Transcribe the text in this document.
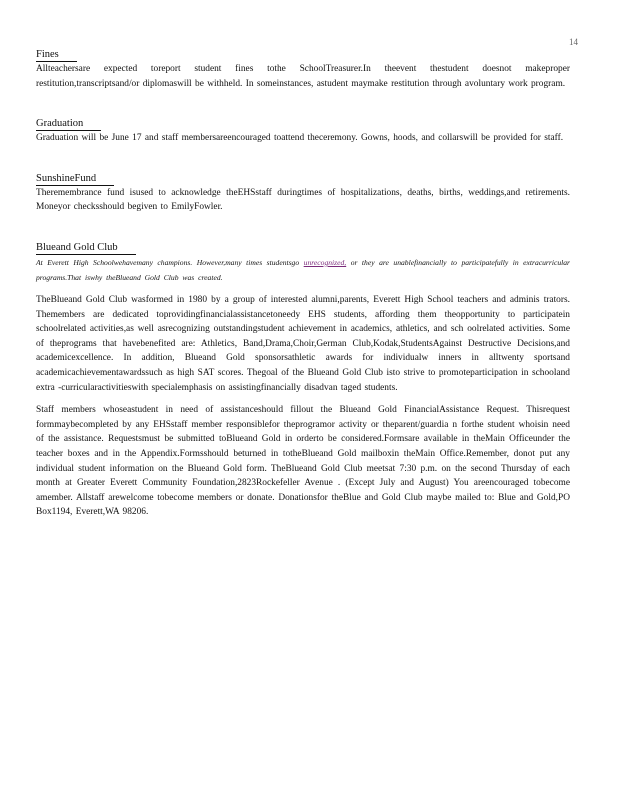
14
Fines

Allteachersare expected toreport student fines tothe SchoolTreasurer.In theevent thestudent doesnot makeproper restitution,transcriptsand/or diplomaswill be withheld. In someinstances, astudent maymake restitution through avoluntary work program.

Graduation

Graduation will be June 17 and staff membersareencouraged toattend theceremony. Gowns, hoods, and collarswill be provided for staff.

SunshineFund

Theremembrance fund isused to acknowledge theEHSstaff duringtimes of hospitalizations, deaths, births, weddings,and retirements. Moneyor checksshould begiven to EmilyFowler.

Blueand Gold Club

At Everett High Schoolwehavemany champions. However,many times studentsgo unrecognized, or they are unablefinancially to participatefully in extracurricular programs.That iswhy theBlueand Gold Club was created.

TheBlueand Gold Club wasformed in 1980 by a group of interested alumni,parents, Everett High School teachers and adminis trators. Themembers are dedicated toprovidingfinancialassistancetoneedy EHS students, affording them theopportunity to participatein schoolrelated activities,as well asrecognizing outstandingstudent achievement in academics, athletics, and sch oolrelated activities. Some of theprograms that havebenefited are: Athletics, Band,Drama,Choir,German Club,Kodak,StudentsAgainst Destructive Decisions,and academicexcellence. In addition, Blueand Gold sponsorsathletic awards for individualw inners in alltwenty sportsand academicachievementawardssuch as high SAT scores. Thegoal of the Blueand Gold Club isto strive to promoteparticipation in schooland extra -curricularactivitieswith specialemphasis on assistingfinancially disadvan taged students.

Staff members whoseastudent in need of assistanceshould fillout the Blueand Gold FinancialAssistance Request. Thisrequest formmaybecompleted by any EHSstaff member responsiblefor theprogramor activity or theparent/guardia n forthe student whoisin need of the assistance. Requestsmust be submitted toBlueand Gold in orderto be considered.Formsare available in theMain Officeunder the teacher boxes and in the Appendix.Formsshould beturned in totheBlueand Gold mailboxin theMain Office.Remember, donot put any individual student information on the Blueand Gold form. TheBlueand Gold Club meetsat 7:30 p.m. on the second Thursday of each month at Greater Everett Community Foundation,2823Rockefeller Avenue . (Except July and August) You areencouraged tobecome amember. Allstaff arewelcome tobecome members or donate. Donationsfor theBlue and Gold Club maybe mailed to: Blue and Gold,PO Box1194, Everett,WA 98206.
